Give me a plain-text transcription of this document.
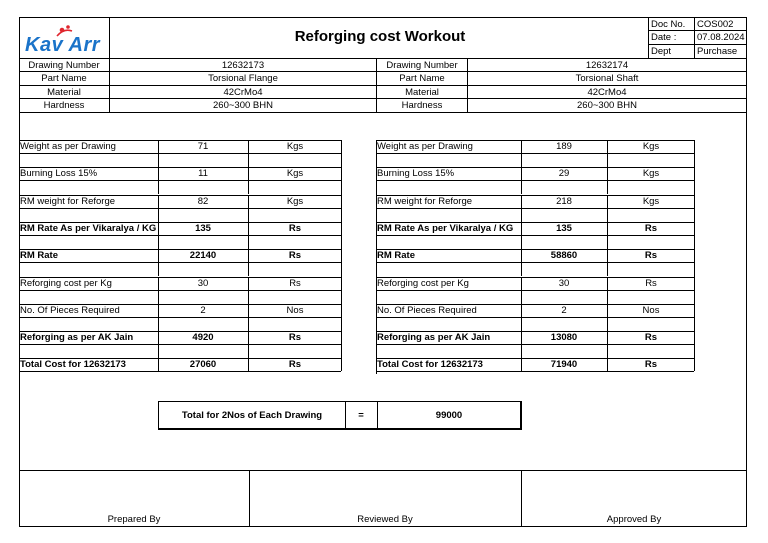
Kav Arr	Reforging cost Workout
Doc No. COS002
Date : 07.08.2024
Dept	Purchase
Drawing Number	12632173	Drawing Number	12632174
Part Name	Torsional Flange	Part Name	Torsional Shaft
Material	42CrMo4	Material	42CrMo4
Hardness	260~300 BHN	Hardness	260~300 BHN
Weight as per Drawing	71	Kgs
Burning Loss 15%	11	Kgs
RM weight for Reforge	82	Kgs
RM Rate As per Vikaralya / KG	135	Rs
RM Rate	22140	Rs
Reforging cost per Kg	30	Rs
No. Of Pieces Required	2	Nos
Reforging as per AK Jain	4920	Rs
Total Cost for 12632173	27060	Rs
Weight as per Drawing	189	Kgs
Burning Loss 15%	29	Kgs
RM weight for Reforge	218	Kgs
RM Rate As per Vikaralya / KG	135	Rs
RM Rate	58860	Rs
Reforging cost per Kg	30	Rs
No. Of Pieces Required	2	Nos
Reforging as per AK Jain	13080	Rs
Total Cost for 12632173	71940	Rs
Total for 2Nos of Each Drawing	=	99000
Prepared By	Reviewed By	Approved By
